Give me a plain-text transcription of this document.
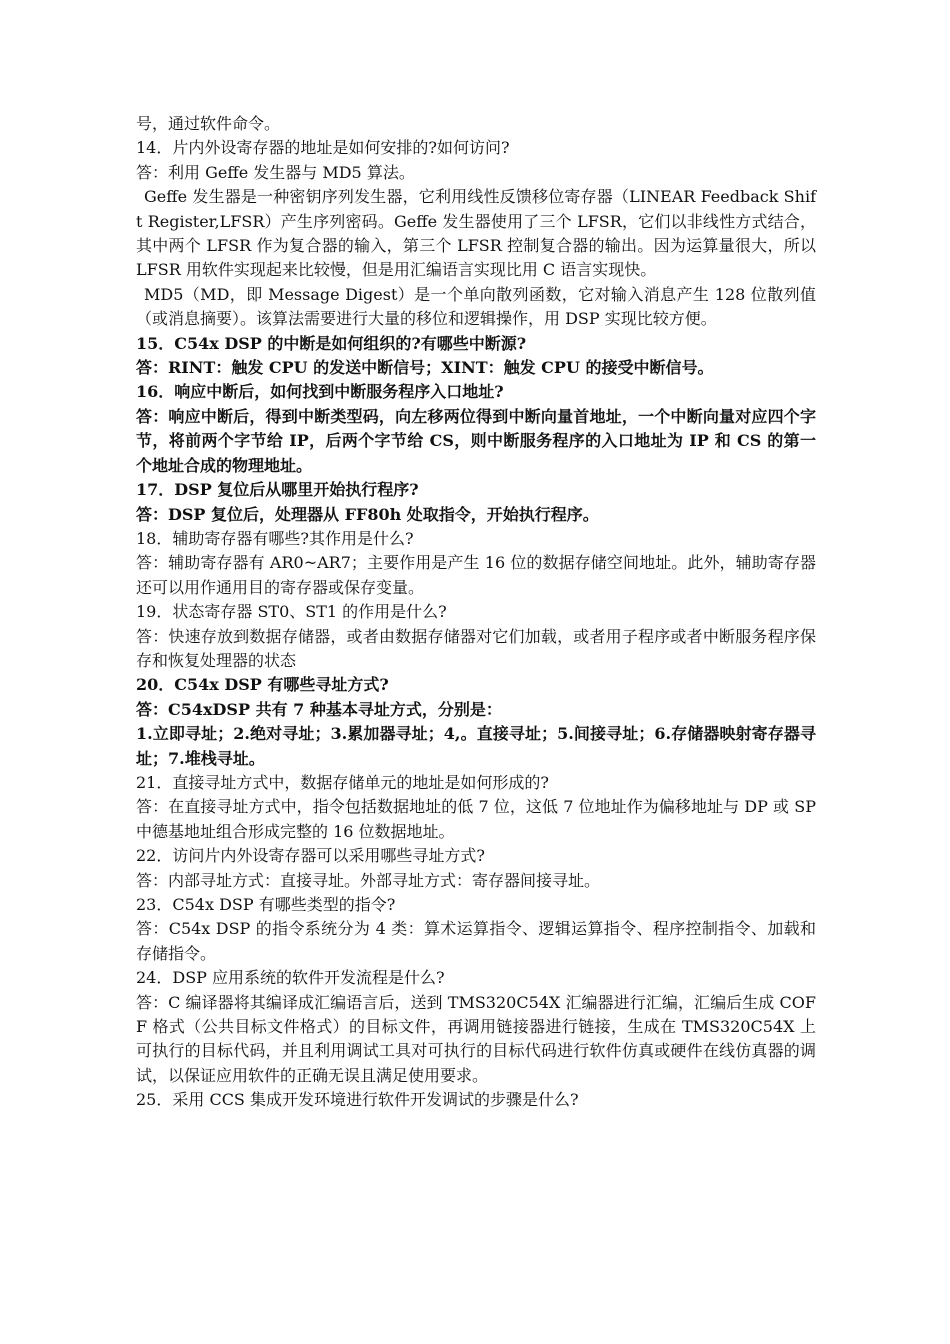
号，通过软件命令。

14．片内外设寄存器的地址是如何安排的?如何访问?

答：利用 Geffe 发生器与 MD5 算法。

Geffe 发生器是一种密钥序列发生器，它利用线性反馈移位寄存器（LINEAR Feedback Shift Register,LFSR）产生序列密码。Geffe 发生器使用了三个 LFSR，它们以非线性方式结合，其中两个 LFSR 作为复合器的输入，第三个 LFSR 控制复合器的输出。因为运算量很大，所以 LFSR 用软件实现起来比较慢，但是用汇编语言实现比用 C 语言实现快。

MD5（MD，即 Message Digest）是一个单向散列函数，它对输入消息产生 128 位散列值（或消息摘要）。该算法需要进行大量的移位和逻辑操作，用 DSP 实现比较方便。

15．C54x DSP 的中断是如何组织的?有哪些中断源?

答：RINT：触发 CPU 的发送中断信号；XINT：触发 CPU 的接受中断信号。

16．响应中断后，如何找到中断服务程序入口地址?

答：响应中断后，得到中断类型码，向左移两位得到中断向量首地址，一个中断向量对应四个字节，将前两个字节给 IP，后两个字节给 CS，则中断服务程序的入口地址为 IP 和 CS 的第一个地址合成的物理地址。

17．DSP 复位后从哪里开始执行程序?

答：DSP 复位后，处理器从 FF80h 处取指令，开始执行程序。

18．辅助寄存器有哪些?其作用是什么?

答：辅助寄存器有 AR0~AR7；主要作用是产生 16 位的数据存储空间地址。此外，辅助寄存器还可以用作通用目的寄存器或保存变量。

19．状态寄存器 ST0、ST1 的作用是什么?

答：快速存放到数据存储器，或者由数据存储器对它们加载，或者用子程序或者中断服务程序保存和恢复处理器的状态

20．C54x DSP 有哪些寻址方式?

答：C54xDSP 共有 7 种基本寻址方式，分别是：

1.立即寻址；2.绝对寻址；3.累加器寻址；4,。直接寻址；5.间接寻址；6.存储器映射寄存器寻址；7.堆栈寻址。

21．直接寻址方式中，数据存储单元的地址是如何形成的?

答：在直接寻址方式中，指令包括数据地址的低 7 位，这低 7 位地址作为偏移地址与 DP 或 SP 中德基地址组合形成完整的 16 位数据地址。

22．访问片内外设寄存器可以采用哪些寻址方式?

答：内部寻址方式：直接寻址。外部寻址方式：寄存器间接寻址。

23．C54x DSP 有哪些类型的指令?

答：C54x DSP 的指令系统分为 4 类：算术运算指令、逻辑运算指令、程序控制指令、加载和存储指令。

24．DSP 应用系统的软件开发流程是什么?

答：C 编译器将其编译成汇编语言后，送到 TMS320C54X 汇编器进行汇编，汇编后生成 COFF 格式（公共目标文件格式）的目标文件，再调用链接器进行链接，生成在 TMS320C54X 上可执行的目标代码，并且利用调试工具对可执行的目标代码进行软件仿真或硬件在线仿真器的调试，以保证应用软件的正确无误且满足使用要求。

25．采用 CCS 集成开发环境进行软件开发调试的步骤是什么?
